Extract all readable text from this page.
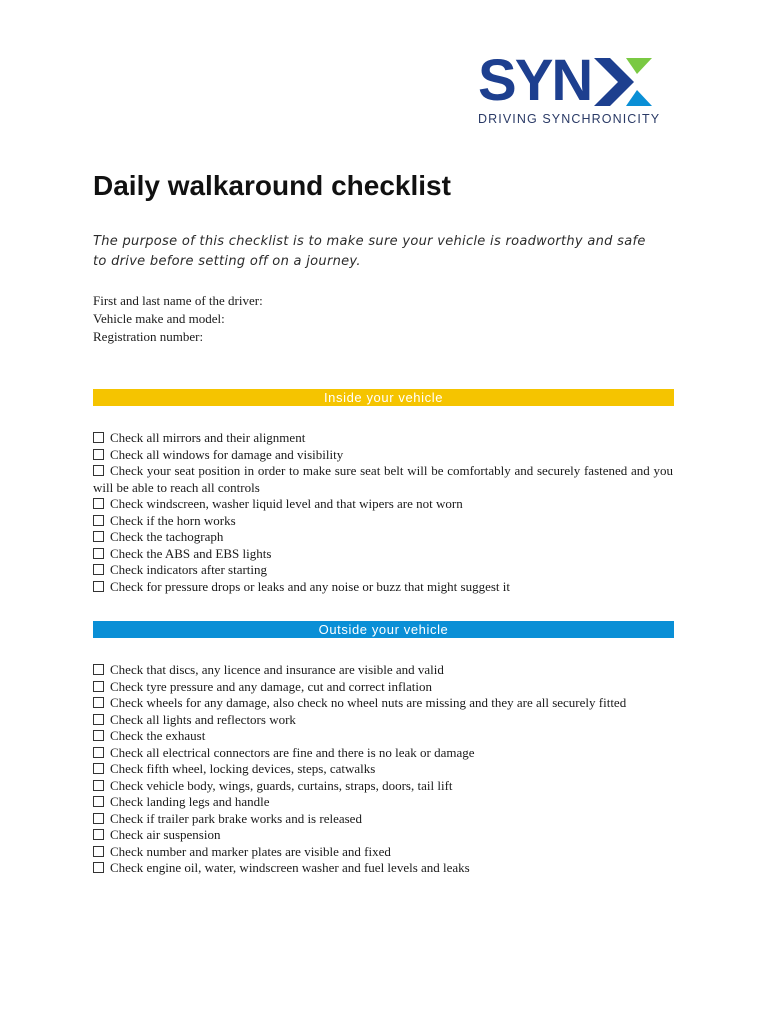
S Y N
DRIVING SYNCHRONICITY
Daily walkaround checklist

The purpose of this checklist is to make sure your vehicle is roadworthy and safe to drive before setting off on a journey.

First and last name of the driver:
Vehicle make and model:
Registration number:
Inside your vehicle
Check all mirrors and their alignment
Check all windows for damage and visibility
Check your seat position in order to make sure seat belt will be comfortably and securely fastened and you will be able to reach all controls
Check windscreen, washer liquid level and that wipers are not worn
Check if the horn works
Check the tachograph
Check the ABS and EBS lights
Check indicators after starting
Check for pressure drops or leaks and any noise or buzz that might suggest it
Outside your vehicle
Check that discs, any licence and insurance are visible and valid
Check tyre pressure and any damage, cut and correct inflation
Check wheels for any damage, also check no wheel nuts are missing and they are all securely fitted
Check all lights and reflectors work
Check the exhaust
Check all electrical connectors are fine and there is no leak or damage
Check fifth wheel, locking devices, steps, catwalks
Check vehicle body, wings, guards, curtains, straps, doors, tail lift
Check landing legs and handle
Check if trailer park brake works and is released
Check air suspension
Check number and marker plates are visible and fixed
Check engine oil, water, windscreen washer and fuel levels and leaks
